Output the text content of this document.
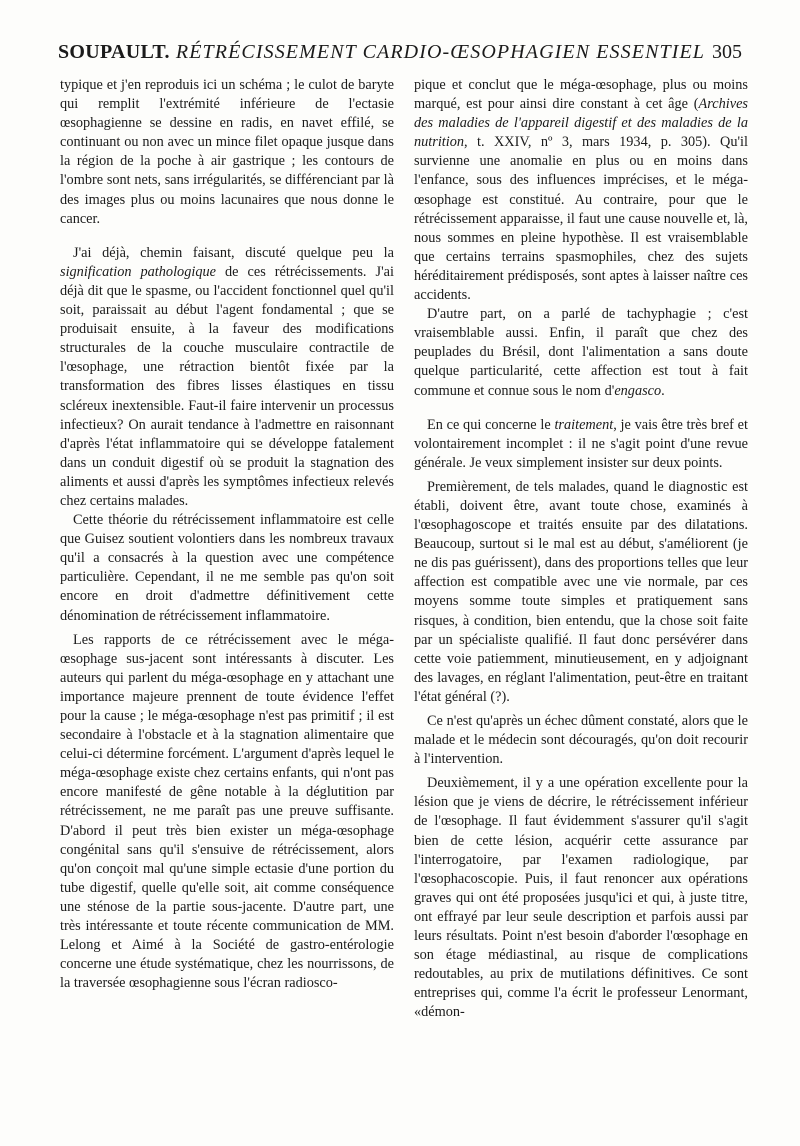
SOUPAULT. RÉTRÉCISSEMENT CARDIO-ŒSOPHAGIEN ESSENTIEL 305

typique et j'en reproduis ici un schéma ; le culot de baryte qui remplit l'extrémité inférieure de l'ectasie œsophagienne se dessine en radis, en navet effilé, se continuant ou non avec un mince filet opaque jusque dans la région de la poche à air gastrique ; les contours de l'ombre sont nets, sans irrégularités, se différenciant par là des images plus ou moins lacunaires que nous donne le cancer.

J'ai déjà, chemin faisant, discuté quelque peu la signification pathologique de ces rétrécissements. J'ai déjà dit que le spasme, ou l'accident fonctionnel quel qu'il soit, paraissait au début l'agent fondamental ; que se produisait ensuite, à la faveur des modifications structurales de la couche musculaire contractile de l'œsophage, une rétraction bientôt fixée par la transformation des fibres lisses élastiques en tissu scléreux inextensible. Faut-il faire intervenir un processus infectieux? On aurait tendance à l'admettre en raisonnant d'après l'état inflammatoire qui se développe fatalement dans un conduit digestif où se produit la stagnation des aliments et aussi d'après les symptômes infectieux relevés chez certains malades.

Cette théorie du rétrécissement inflammatoire est celle que Guisez soutient volontiers dans les nombreux travaux qu'il a consacrés à la question avec une compétence particulière. Cependant, il ne me semble pas qu'on soit encore en droit d'admettre définitivement cette dénomination de rétrécissement inflammatoire.

Les rapports de ce rétrécissement avec le méga-œsophage sus-jacent sont intéressants à discuter. Les auteurs qui parlent du méga-œsophage en y attachant une importance majeure prennent de toute évidence l'effet pour la cause ; le méga-œsophage n'est pas primitif ; il est secondaire à l'obstacle et à la stagnation alimentaire que celui-ci détermine forcément. L'argument d'après lequel le méga-œsophage existe chez certains enfants, qui n'ont pas encore manifesté de gêne notable à la déglutition par rétrécissement, ne me paraît pas une preuve suffisante. D'abord il peut très bien exister un méga-œsophage congénital sans qu'il s'ensuive de rétrécissement, alors qu'on conçoit mal qu'une simple ectasie d'une portion du tube digestif, quelle qu'elle soit, ait comme conséquence une sténose de la partie sous-jacente. D'autre part, une très intéressante et toute récente communication de MM. Lelong et Aimé à la Société de gastro-entérologie concerne une étude systématique, chez les nourrissons, de la traversée œsophagienne sous l'écran radiosco-

pique et conclut que le méga-œsophage, plus ou moins marqué, est pour ainsi dire constant à cet âge (Archives des maladies de l'appareil digestif et des maladies de la nutrition, t. XXIV, nº 3, mars 1934, p. 305). Qu'il survienne une anomalie en plus ou en moins dans l'enfance, sous des influences imprécises, et le méga-œsophage est constitué. Au contraire, pour que le rétrécissement apparaisse, il faut une cause nouvelle et, là, nous sommes en pleine hypothèse. Il est vraisemblable que certains terrains spasmophiles, chez des sujets héréditairement prédisposés, sont aptes à laisser naître ces accidents.

D'autre part, on a parlé de tachyphagie ; c'est vraisemblable aussi. Enfin, il paraît que chez des peuplades du Brésil, dont l'alimentation a sans doute quelque particularité, cette affection est tout à fait commune et connue sous le nom d'engasco.

En ce qui concerne le traitement, je vais être très bref et volontairement incomplet : il ne s'agit point d'une revue générale. Je veux simplement insister sur deux points.

Premièrement, de tels malades, quand le diagnostic est établi, doivent être, avant toute chose, examinés à l'œsophagoscope et traités ensuite par des dilatations. Beaucoup, surtout si le mal est au début, s'améliorent (je ne dis pas guérissent), dans des proportions telles que leur affection est compatible avec une vie normale, par ces moyens somme toute simples et pratiquement sans risques, à condition, bien entendu, que la chose soit faite par un spécialiste qualifié. Il faut donc persévérer dans cette voie patiemment, minutieusement, en y adjoignant des lavages, en réglant l'alimentation, peut-être en traitant l'état général (?).

Ce n'est qu'après un échec dûment constaté, alors que le malade et le médecin sont découragés, qu'on doit recourir à l'intervention.

Deuxièmement, il y a une opération excellente pour la lésion que je viens de décrire, le rétrécissement inférieur de l'œsophage. Il faut évidemment s'assurer qu'il s'agit bien de cette lésion, acquérir cette assurance par l'interrogatoire, par l'examen radiologique, par l'œsophacoscopie. Puis, il faut renoncer aux opérations graves qui ont été proposées jusqu'ici et qui, à juste titre, ont effrayé par leur seule description et parfois aussi par leurs résultats. Point n'est besoin d'aborder l'œsophage en son étage médiastinal, au risque de complications redoutables, au prix de mutilations définitives. Ce sont entreprises qui, comme l'a écrit le professeur Lenormant, «démon-
